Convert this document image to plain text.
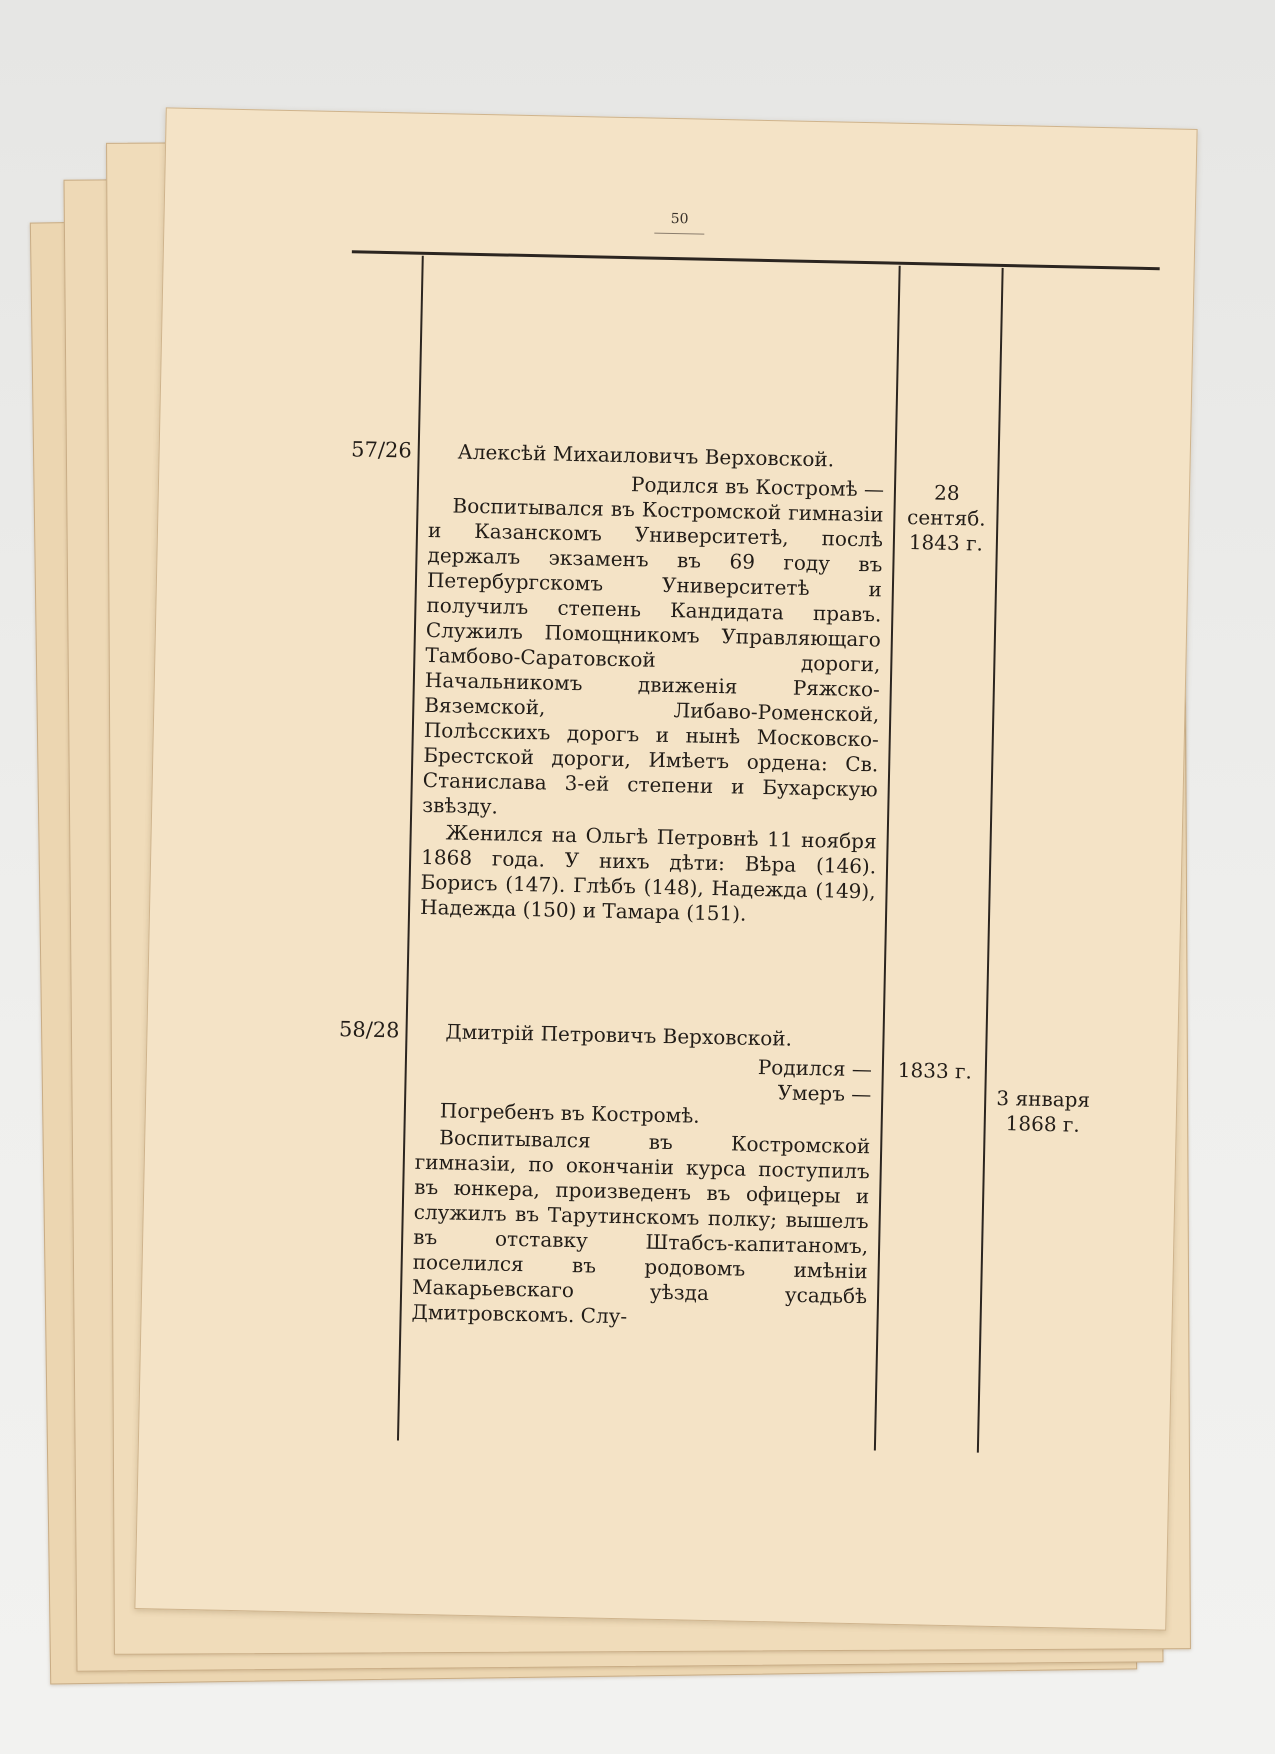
50
57/26	Алексѣй Михаиловичъ Верховской.
Родился въ Костромѣ —

Воспитывался въ Костромской гимназіи и Казанскомъ Университетѣ, послѣ держалъ экзаменъ въ 69 году въ Петербургскомъ Университетѣ и получилъ степень Кандидата правъ. Служилъ Помощникомъ Управляющаго Тамбово-Саратовской дороги, Начальникомъ движенія Ряжско-Вяземской, Либаво-Роменской, Полѣсскихъ дорогъ и нынѣ Московско-Брестской дороги, Имѣетъ ордена: Св. Станислава 3-ей степени и Бухарскую звѣзду.

Женился на Ольгѣ Петровнѣ 11 ноября 1868 года. У нихъ дѣти: Вѣра (146). Борисъ (147). Глѣбъ (148), Надежда (149), Надежда (150) и Тамара (151).

28 сентяб.
1843 г.
58/28	Дмитрій Петровичъ Верховской.
Родился —
Умеръ —

Погребенъ въ Костромѣ.

Воспитывался въ Костромской гимназіи, по окончаніи курса поступилъ въ юнкера, произведенъ въ офицеры и служилъ въ Тарутинскомъ полку; вышелъ въ отставку Штабсъ-капитаномъ, поселился въ родовомъ имѣніи Макарьевскаго уѣзда усадьбѣ Дмитровскомъ. Слу-

1833 г.
3 января
1868 г.
